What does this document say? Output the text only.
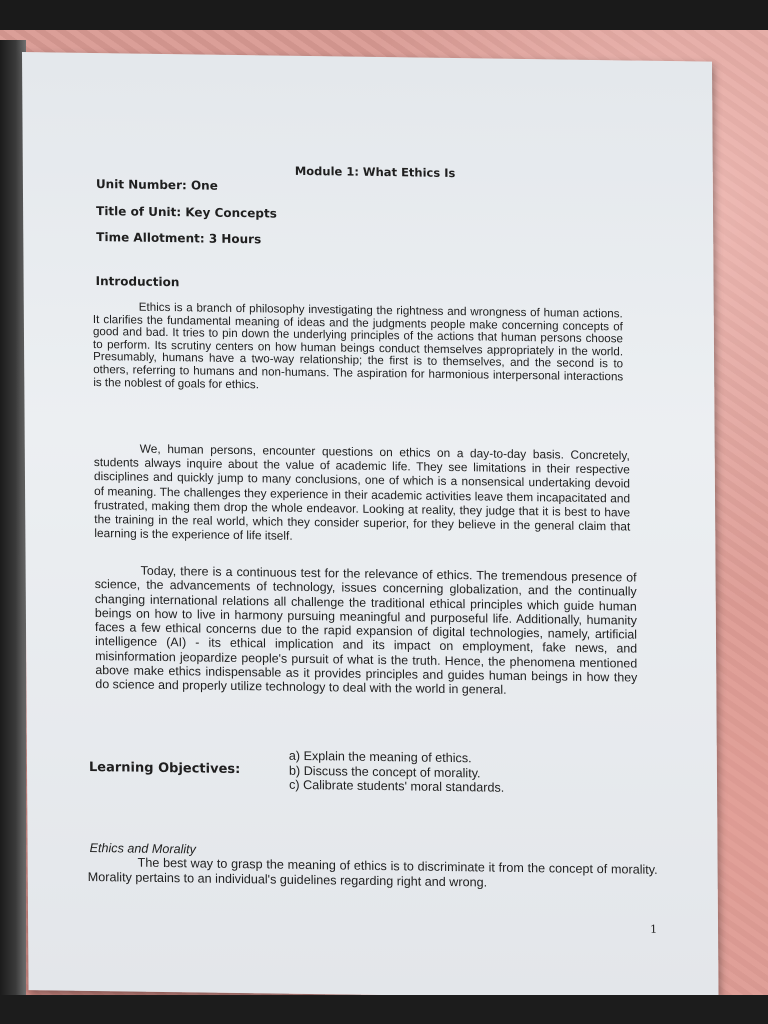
Module 1: What Ethics Is
Unit Number: One
Title of Unit: Key Concepts
Time Allotment: 3 Hours
Introduction
Ethics is a branch of philosophy investigating the rightness and wrongness of human actions. It clarifies the fundamental meaning of ideas and the judgments people make concerning concepts of good and bad. It tries to pin down the underlying principles of the actions that human persons choose to perform. Its scrutiny centers on how human beings conduct themselves appropriately in the world. Presumably, humans have a two-way relationship; the first is to themselves, and the second is to others, referring to humans and non-humans. The aspiration for harmonious interpersonal interactions is the noblest of goals for ethics.
We, human persons, encounter questions on ethics on a day-to-day basis. Concretely, students always inquire about the value of academic life. They see limitations in their respective disciplines and quickly jump to many conclusions, one of which is a nonsensical undertaking devoid of meaning. The challenges they experience in their academic activities leave them incapacitated and frustrated, making them drop the whole endeavor. Looking at reality, they judge that it is best to have the training in the real world, which they consider superior, for they believe in the general claim that learning is the experience of life itself.
Today, there is a continuous test for the relevance of ethics. The tremendous presence of science, the advancements of technology, issues concerning globalization, and the continually changing international relations all challenge the traditional ethical principles which guide human beings on how to live in harmony pursuing meaningful and purposeful life. Additionally, humanity faces a few ethical concerns due to the rapid expansion of digital technologies, namely, artificial intelligence (AI) - its ethical implication and its impact on employment, fake news, and misinformation jeopardize people's pursuit of what is the truth. Hence, the phenomena mentioned above make ethics indispensable as it provides principles and guides human beings in how they do science and properly utilize technology to deal with the world in general.
Learning Objectives:
a) Explain the meaning of ethics.
b) Discuss the concept of morality.
c) Calibrate students' moral standards.
Ethics and Morality
The best way to grasp the meaning of ethics is to discriminate it from the concept of morality. Morality pertains to an individual's guidelines regarding right and wrong.
1
